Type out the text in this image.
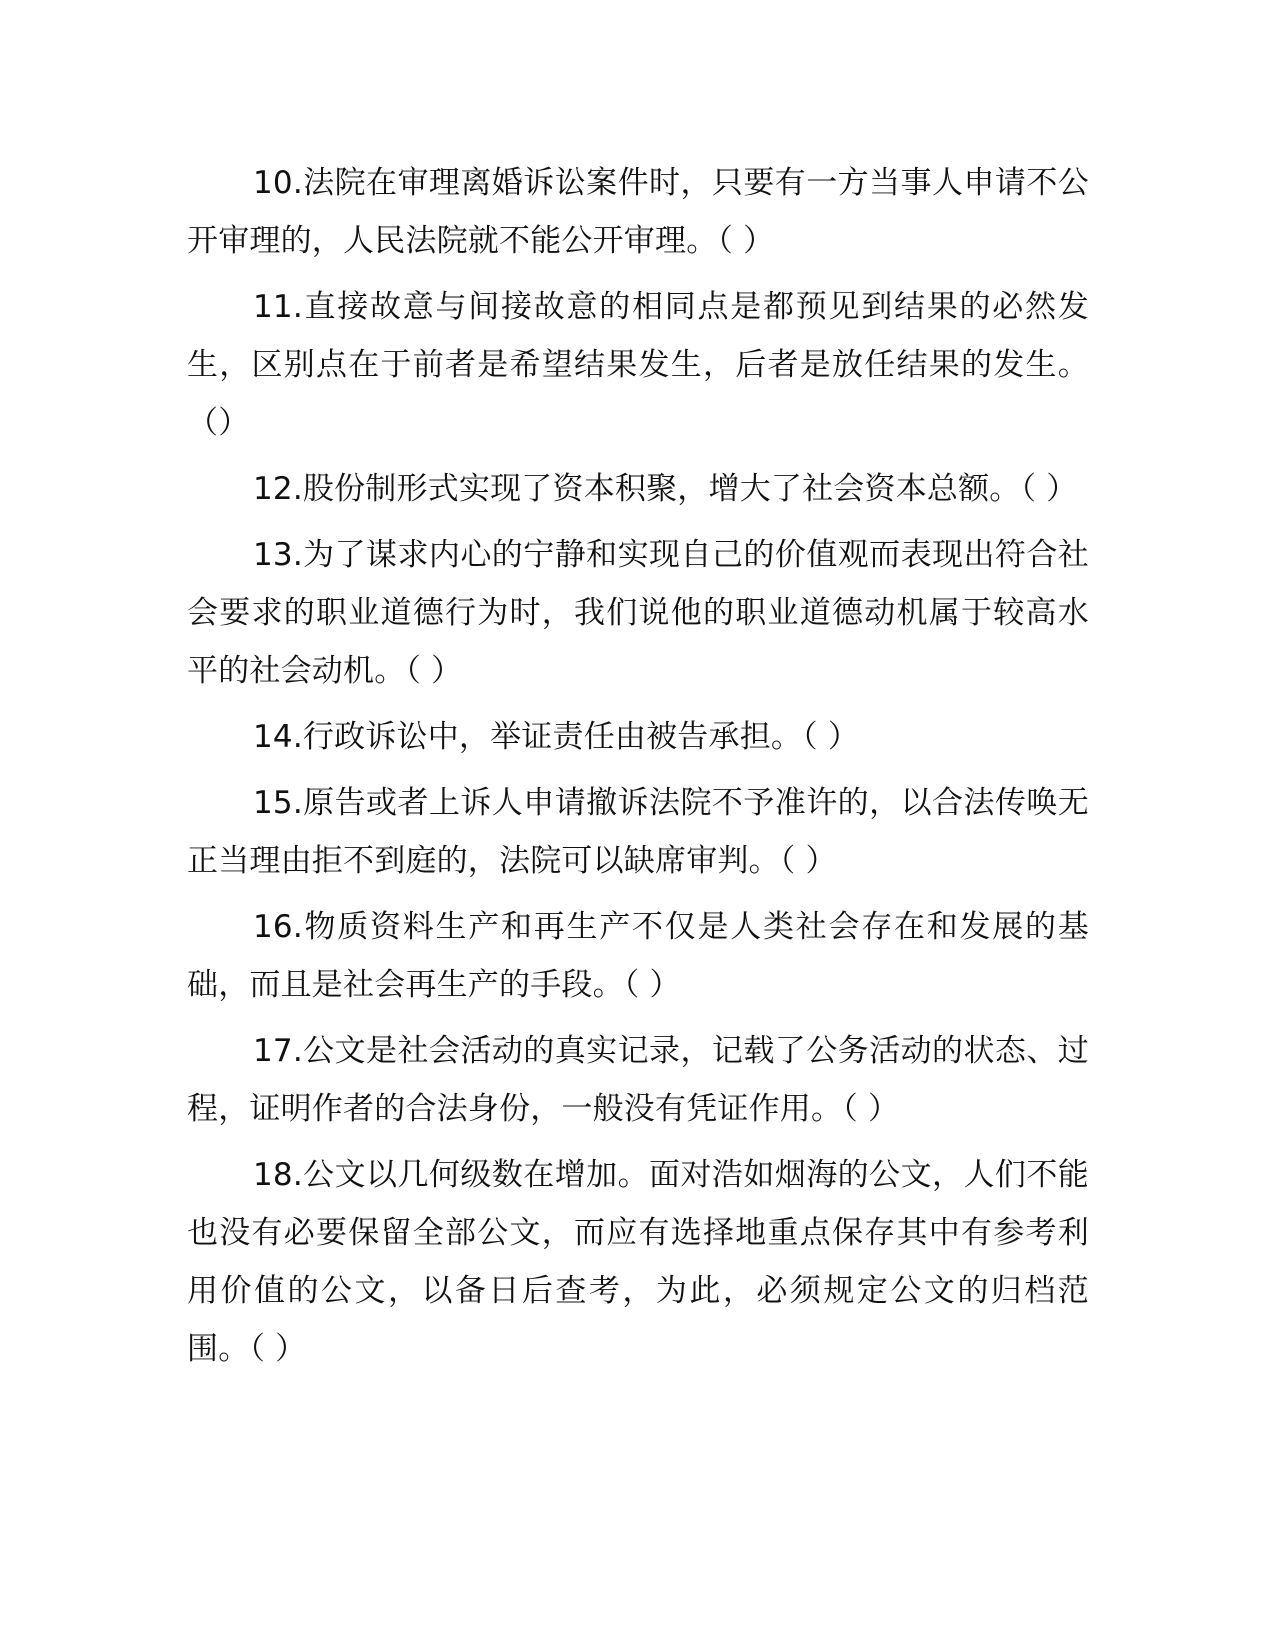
10.法院在审理离婚诉讼案件时，只要有一方当事人申请不公开审理的，人民法院就不能公开审理。（ ）

11.直接故意与间接故意的相同点是都预见到结果的必然发生，区别点在于前者是希望结果发生，后者是放任结果的发生。（）

12.股份制形式实现了资本积聚，增大了社会资本总额。（ ）

13.为了谋求内心的宁静和实现自己的价值观而表现出符合社会要求的职业道德行为时，我们说他的职业道德动机属于较高水平的社会动机。（ ）

14.行政诉讼中，举证责任由被告承担。（ ）

15.原告或者上诉人申请撤诉法院不予准许的，以合法传唤无正当理由拒不到庭的，法院可以缺席审判。（ ）

16.物质资料生产和再生产不仅是人类社会存在和发展的基础，而且是社会再生产的手段。（ ）

17.公文是社会活动的真实记录，记载了公务活动的状态、过程，证明作者的合法身份，一般没有凭证作用。（ ）

18.公文以几何级数在增加。面对浩如烟海的公文，人们不能也没有必要保留全部公文，而应有选择地重点保存其中有参考利用价值的公文，以备日后查考，为此，必须规定公文的归档范围。（ ）
